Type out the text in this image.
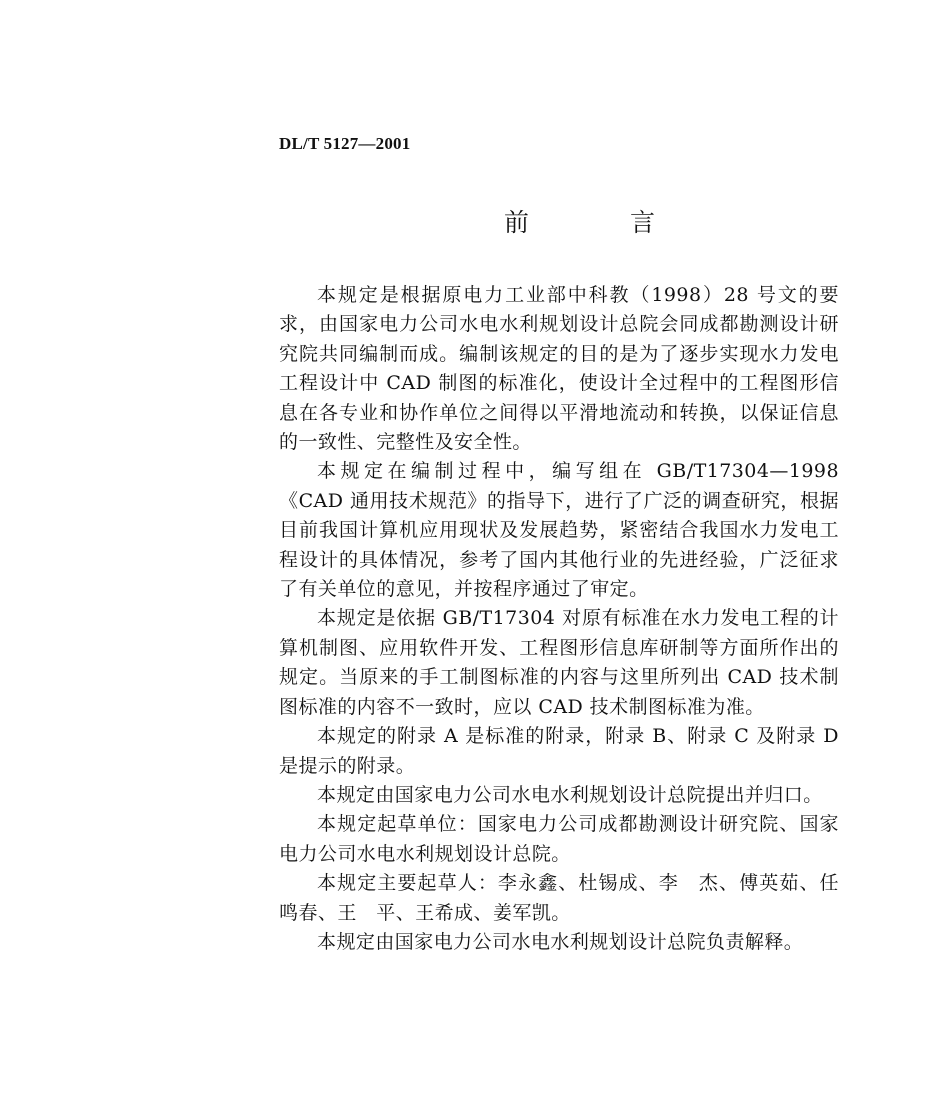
DL/T 5127—2001
前　言

本规定是根据原电力工业部中科教（1998）28 号文的要求，由国家电力公司水电水利规划设计总院会同成都勘测设计研究院共同编制而成。编制该规定的目的是为了逐步实现水力发电工程设计中 CAD 制图的标准化，使设计全过程中的工程图形信息在各专业和协作单位之间得以平滑地流动和转换，以保证信息的一致性、完整性及安全性。

本规定在编制过程中，编写组在 GB/T17304—1998《CAD 通用技术规范》的指导下，进行了广泛的调查研究，根据目前我国计算机应用现状及发展趋势，紧密结合我国水力发电工程设计的具体情况，参考了国内其他行业的先进经验，广泛征求了有关单位的意见，并按程序通过了审定。

本规定是依据 GB/T17304 对原有标准在水力发电工程的计算机制图、应用软件开发、工程图形信息库研制等方面所作出的规定。当原来的手工制图标准的内容与这里所列出 CAD 技术制图标准的内容不一致时，应以 CAD 技术制图标准为准。

本规定的附录 A 是标准的附录，附录 B、附录 C 及附录 D 是提示的附录。

本规定由国家电力公司水电水利规划设计总院提出并归口。

本规定起草单位：国家电力公司成都勘测设计研究院、国家电力公司水电水利规划设计总院。

本规定主要起草人：李永鑫、杜锡成、李　杰、傅英茹、任鸣春、王　平、王希成、姜军凯。

本规定由国家电力公司水电水利规划设计总院负责解释。
